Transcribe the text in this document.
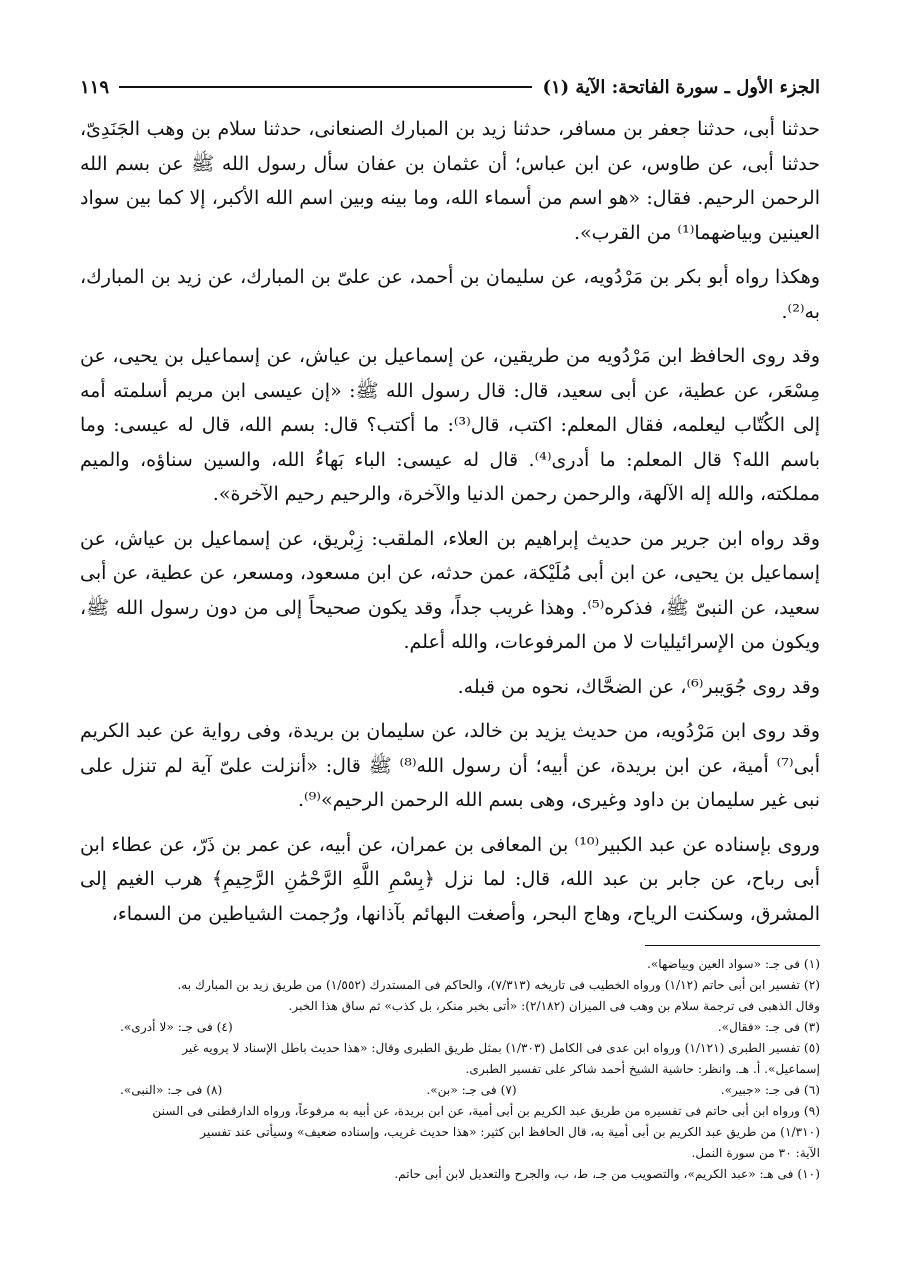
الجزء الأول ـ سورة الفاتحة: الآية (١)
١١٩

حدثنا أبى، حدثنا جعفر بن مسافر، حدثنا زيد بن المبارك الصنعانى، حدثنا سلام بن وهب الجَنَدِىّ، حدثنا أبى، عن طاوس، عن ابن عباس؛ أن عثمان بن عفان سأل رسول الله ﷺ عن بسم الله الرحمن الرحيم. فقال: «هو اسم من أسماء الله، وما بينه وبين اسم الله الأكبر، إلا كما بين سواد العينين وبياضهما⁽¹⁾ من القرب».

وهكذا رواه أبو بكر بن مَرْدُويه، عن سليمان بن أحمد، عن علىّ بن المبارك، عن زيد بن المبارك، به⁽²⁾.

وقد روى الحافظ ابن مَرْدُويه من طريقين، عن إسماعيل بن عياش، عن إسماعيل بن يحيى، عن مِسْعَر، عن عطية، عن أبى سعيد، قال: قال رسول الله ﷺ: «إن عيسى ابن مريم أسلمته أمه إلى الكُتّاب ليعلمه، فقال المعلم: اكتب، قال⁽³⁾: ما أكتب؟ قال: بسم الله، قال له عيسى: وما باسم الله؟ قال المعلم: ما أدرى⁽⁴⁾. قال له عيسى: الباء بَهاءُ الله، والسين سناؤه، والميم مملكته، والله إله الآلهة، والرحمن رحمن الدنيا والآخرة، والرحيم رحيم الآخرة».

وقد رواه ابن جرير من حديث إبراهيم بن العلاء، الملقب: زِبْريق، عن إسماعيل بن عياش، عن إسماعيل بن يحيى، عن ابن أبى مُلَيْكة، عمن حدثه، عن ابن مسعود، ومسعر، عن عطية، عن أبى سعيد، عن النبىّ ﷺ، فذكره⁽⁵⁾. وهذا غريب جداً، وقد يكون صحيحاً إلى من دون رسول الله ﷺ، ويكون من الإسرائيليات لا من المرفوعات، والله أعلم.

وقد روى جُوَيبر⁽⁶⁾، عن الضحَّاك، نحوه من قبله.

وقد روى ابن مَرْدُويه، من حديث يزيد بن خالد، عن سليمان بن بريدة، وفى رواية عن عبد الكريم أبى⁽⁷⁾ أمية، عن ابن بريدة، عن أبيه؛ أن رسول الله⁽⁸⁾ ﷺ قال: «أنزلت علىّ آية لم تنزل على نبى غير سليمان بن داود وغيرى، وهى بسم الله الرحمن الرحيم»⁽⁹⁾.

وروى بإسناده عن عبد الكبير⁽¹⁰⁾ بن المعافى بن عمران، عن أبيه، عن عمر بن ذَرّ، عن عطاء ابن أبى رباح، عن جابر بن عبد الله، قال: لما نزل ﴿بِسْمِ اللَّهِ الرَّحْمَٰنِ الرَّحِيمِ﴾ هرب الغيم إلى المشرق، وسكنت الرياح، وهاج البحر، وأصغت البهائم بآذانها، ورُجمت الشياطين من السماء،

(١) فى جـ: «سواد العين وبياضها».

(٢) تفسير ابن أبى حاتم (١/١٢) ورواه الخطيب فى تاريخه (٧/٣١٣)، والحاكم فى المستدرك (١/٥٥٢) من طريق زيد بن المبارك به.

وقال الذهبى فى ترجمة سلام بن وهب فى الميزان (٢/١٨٢): «أتى بخبر منكر، بل كذب» ثم ساق هذا الخبر.

(٣) فى جـ: «فقال».
(٤) فى جـ: «لا أدرى».

(٥) تفسير الطبرى (١/١٢١) ورواه ابن عدى فى الكامل (١/٣٠٣) بمثل طريق الطبرى وقال: «هذا حديث باطل الإسناد لا يرويه غير

إسماعيل». أ. هـ. وانظر: حاشية الشيخ أحمد شاكر على تفسير الطبرى.

(٦) فى جـ: «جبير».
(٧) فى جـ: «بن».
(٨) فى جـ: «النبى».

(٩) ورواه ابن أبى حاتم فى تفسيره من طريق عبد الكريم بن أبى أمية، عن ابن بريدة، عن أبيه به مرفوعاً، ورواه الدارقطنى فى السنن

(١/٣١٠) من طريق عبد الكريم بن أبى أمية به، قال الحافظ ابن كثير: «هذا حديث غريب، وإسناده ضعيف» وسيأتى عند تفسير

الآية: ٣٠ من سورة النمل.

(١٠) فى هـ: «عبد الكريم»، والتصويب من جـ، ط، ب، والجرح والتعديل لابن أبى حاتم.
